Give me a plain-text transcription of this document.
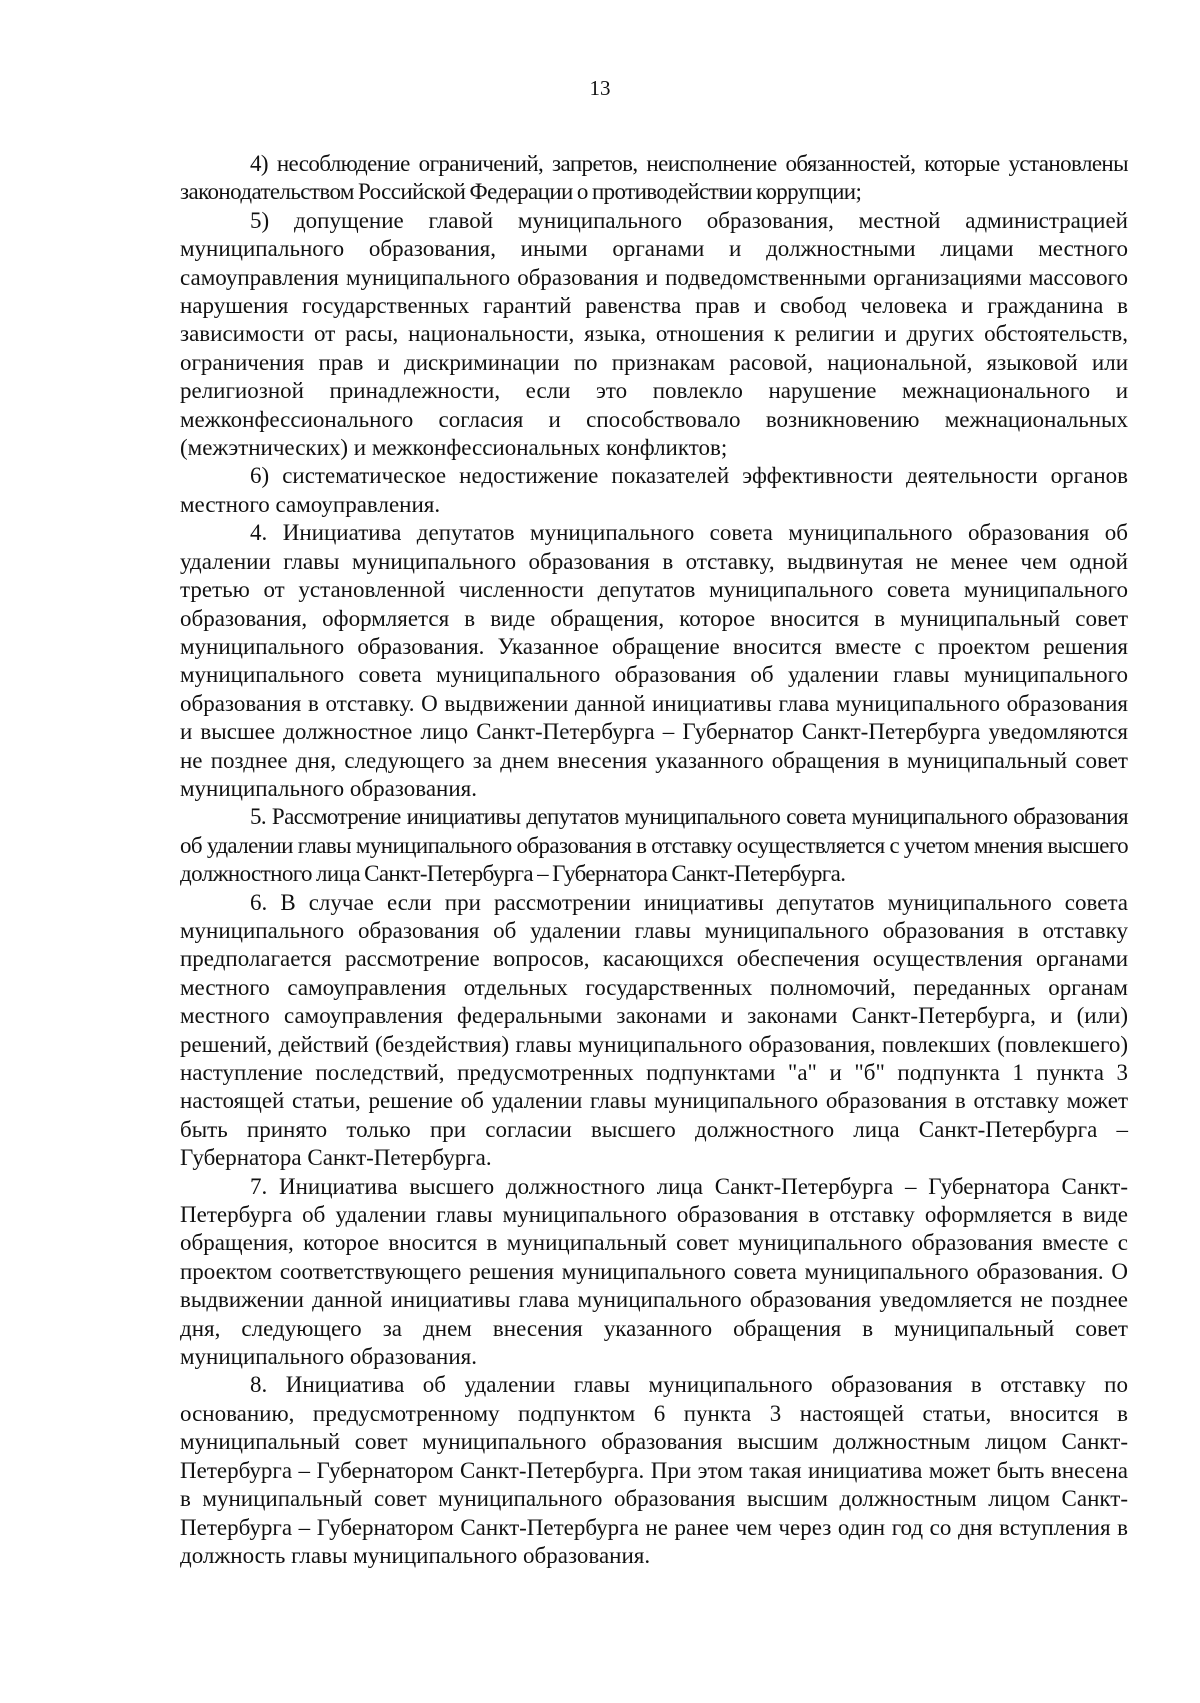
13

4) несоблюдение ограничений, запретов, неисполнение обязанностей, которые установлены законодательством Российской Федерации о противодействии коррупции;

5) допущение главой муниципального образования, местной администрацией муниципального образования, иными органами и должностными лицами местного самоуправления муниципального образования и подведомственными организациями массового нарушения государственных гарантий равенства прав и свобод человека и гражданина в зависимости от расы, национальности, языка, отношения к религии и других обстоятельств, ограничения прав и дискриминации по признакам расовой, национальной, языковой или религиозной принадлежности, если это повлекло нарушение межнационального и межконфессионального согласия и способствовало возникновению межнациональных (межэтнических) и межконфессиональных конфликтов;

6) систематическое недостижение показателей эффективности деятельности органов местного самоуправления.

4. Инициатива депутатов муниципального совета муниципального образования об удалении главы муниципального образования в отставку, выдвинутая не менее чем одной третью от установленной численности депутатов муниципального совета муниципального образования, оформляется в виде обращения, которое вносится в муниципальный совет муниципального образования. Указанное обращение вносится вместе с проектом решения муниципального совета муниципального образования об удалении главы муниципального образования в отставку. О выдвижении данной инициативы глава муниципального образования и высшее должностное лицо Санкт-Петербурга – Губернатор Санкт-Петербурга уведомляются не позднее дня, следующего за днем внесения указанного обращения в муниципальный совет муниципального образования.

5. Рассмотрение инициативы депутатов муниципального совета муниципального образования об удалении главы муниципального образования в отставку осуществляется с учетом мнения высшего должностного лица Санкт-Петербурга – Губернатора Санкт-Петербурга.

6. В случае если при рассмотрении инициативы депутатов муниципального совета муниципального образования об удалении главы муниципального образования в отставку предполагается рассмотрение вопросов, касающихся обеспечения осуществления органами местного самоуправления отдельных государственных полномочий, переданных органам местного самоуправления федеральными законами и законами Санкт-Петербурга, и (или) решений, действий (бездействия) главы муниципального образования, повлекших (повлекшего) наступление последствий, предусмотренных подпунктами "а" и "б" подпункта 1 пункта 3 настоящей статьи, решение об удалении главы муниципального образования в отставку может быть принято только при согласии высшего должностного лица Санкт-Петербурга – Губернатора Санкт-Петербурга.

7. Инициатива высшего должностного лица Санкт-Петербурга – Губернатора Санкт-Петербурга об удалении главы муниципального образования в отставку оформляется в виде обращения, которое вносится в муниципальный совет муниципального образования вместе с проектом соответствующего решения муниципального совета муниципального образования. О выдвижении данной инициативы глава муниципального образования уведомляется не позднее дня, следующего за днем внесения указанного обращения в муниципальный совет муниципального образования.

8. Инициатива об удалении главы муниципального образования в отставку по основанию, предусмотренному подпунктом 6 пункта 3 настоящей статьи, вносится в муниципальный совет муниципального образования высшим должностным лицом Санкт-Петербурга – Губернатором Санкт-Петербурга. При этом такая инициатива может быть внесена в муниципальный совет муниципального образования высшим должностным лицом Санкт-Петербурга – Губернатором Санкт-Петербурга не ранее чем через один год со дня вступления в должность главы муниципального образования.
